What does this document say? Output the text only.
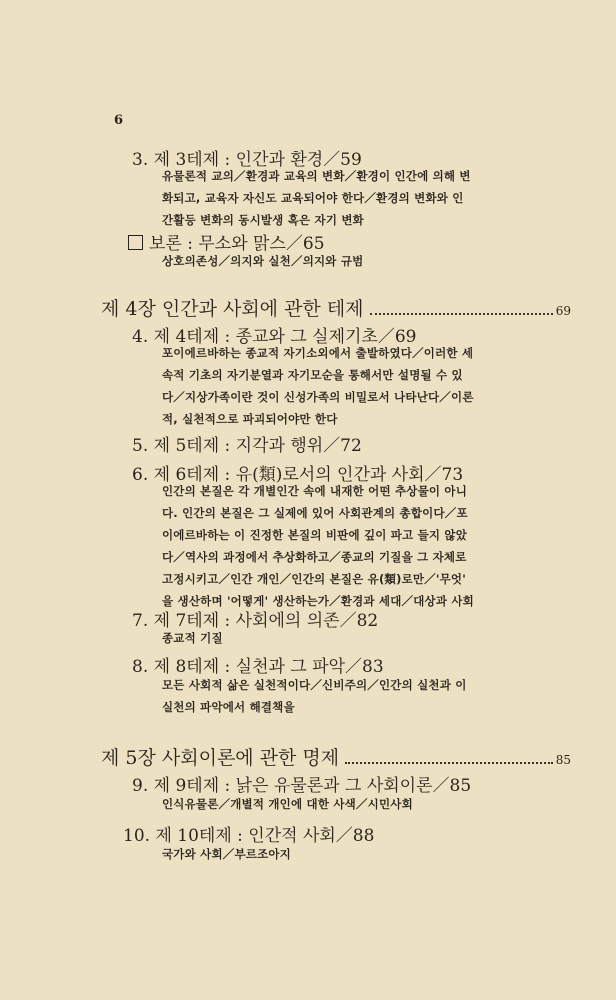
6
3. 제 3테제 : 인간과 환경／59
유물론적 교의／환경과 교육의 변화／환경이 인간에 의해 변
화되고, 교육자 자신도 교육되어야 한다／환경의 변화와 인
간활등 변화의 동시발생 혹은 자기 변화
보론 : 무소와 맑스／65
상호의존성／의지와 실천／의지와 규범
제 4장 인간과 사회에 관한 테제	69
4. 제 4테제 : 종교와 그 실제기초／69
포이에르바하는 종교적 자기소외에서 출발하였다／이러한 세
속적 기초의 자기분열과 자기모순을 통해서만 설명될 수 있
다／지상가족이란 것이 신성가족의 비밀로서 나타난다／이론
적, 실천적으로 파괴되어야만 한다
5. 제 5테제 : 지각과 행위／72
6. 제 6테제 : 유(類)로서의 인간과 사회／73
인간의 본질은 각 개별인간 속에 내재한 어떤 추상물이 아니
다. 인간의 본질은 그 실제에 있어 사회관계의 총합이다／포
이에르바하는 이 진정한 본질의 비판에 깊이 파고 들지 않았
다／역사의 과정에서 추상화하고／종교의 기질을 그 자체로
고정시키고／인간 개인／인간의 본질은 유(類)로만／'무엇'
을 생산하며 '어떻게' 생산하는가／환경과 세대／대상과 사회
7. 제 7테제 : 사회에의 의존／82
종교적 기질
8. 제 8테제 : 실천과 그 파악／83
모든 사회적 삶은 실천적이다／신비주의／인간의 실천과 이
실천의 파악에서 해결책을
제 5장 사회이론에 관한 명제	85
9. 제 9테제 : 낡은 유물론과 그 사회이론／85
인식유물론／개별적 개인에 대한 사색／시민사회
10. 제 10테제 : 인간적 사회／88
국가와 사회／부르조아지
